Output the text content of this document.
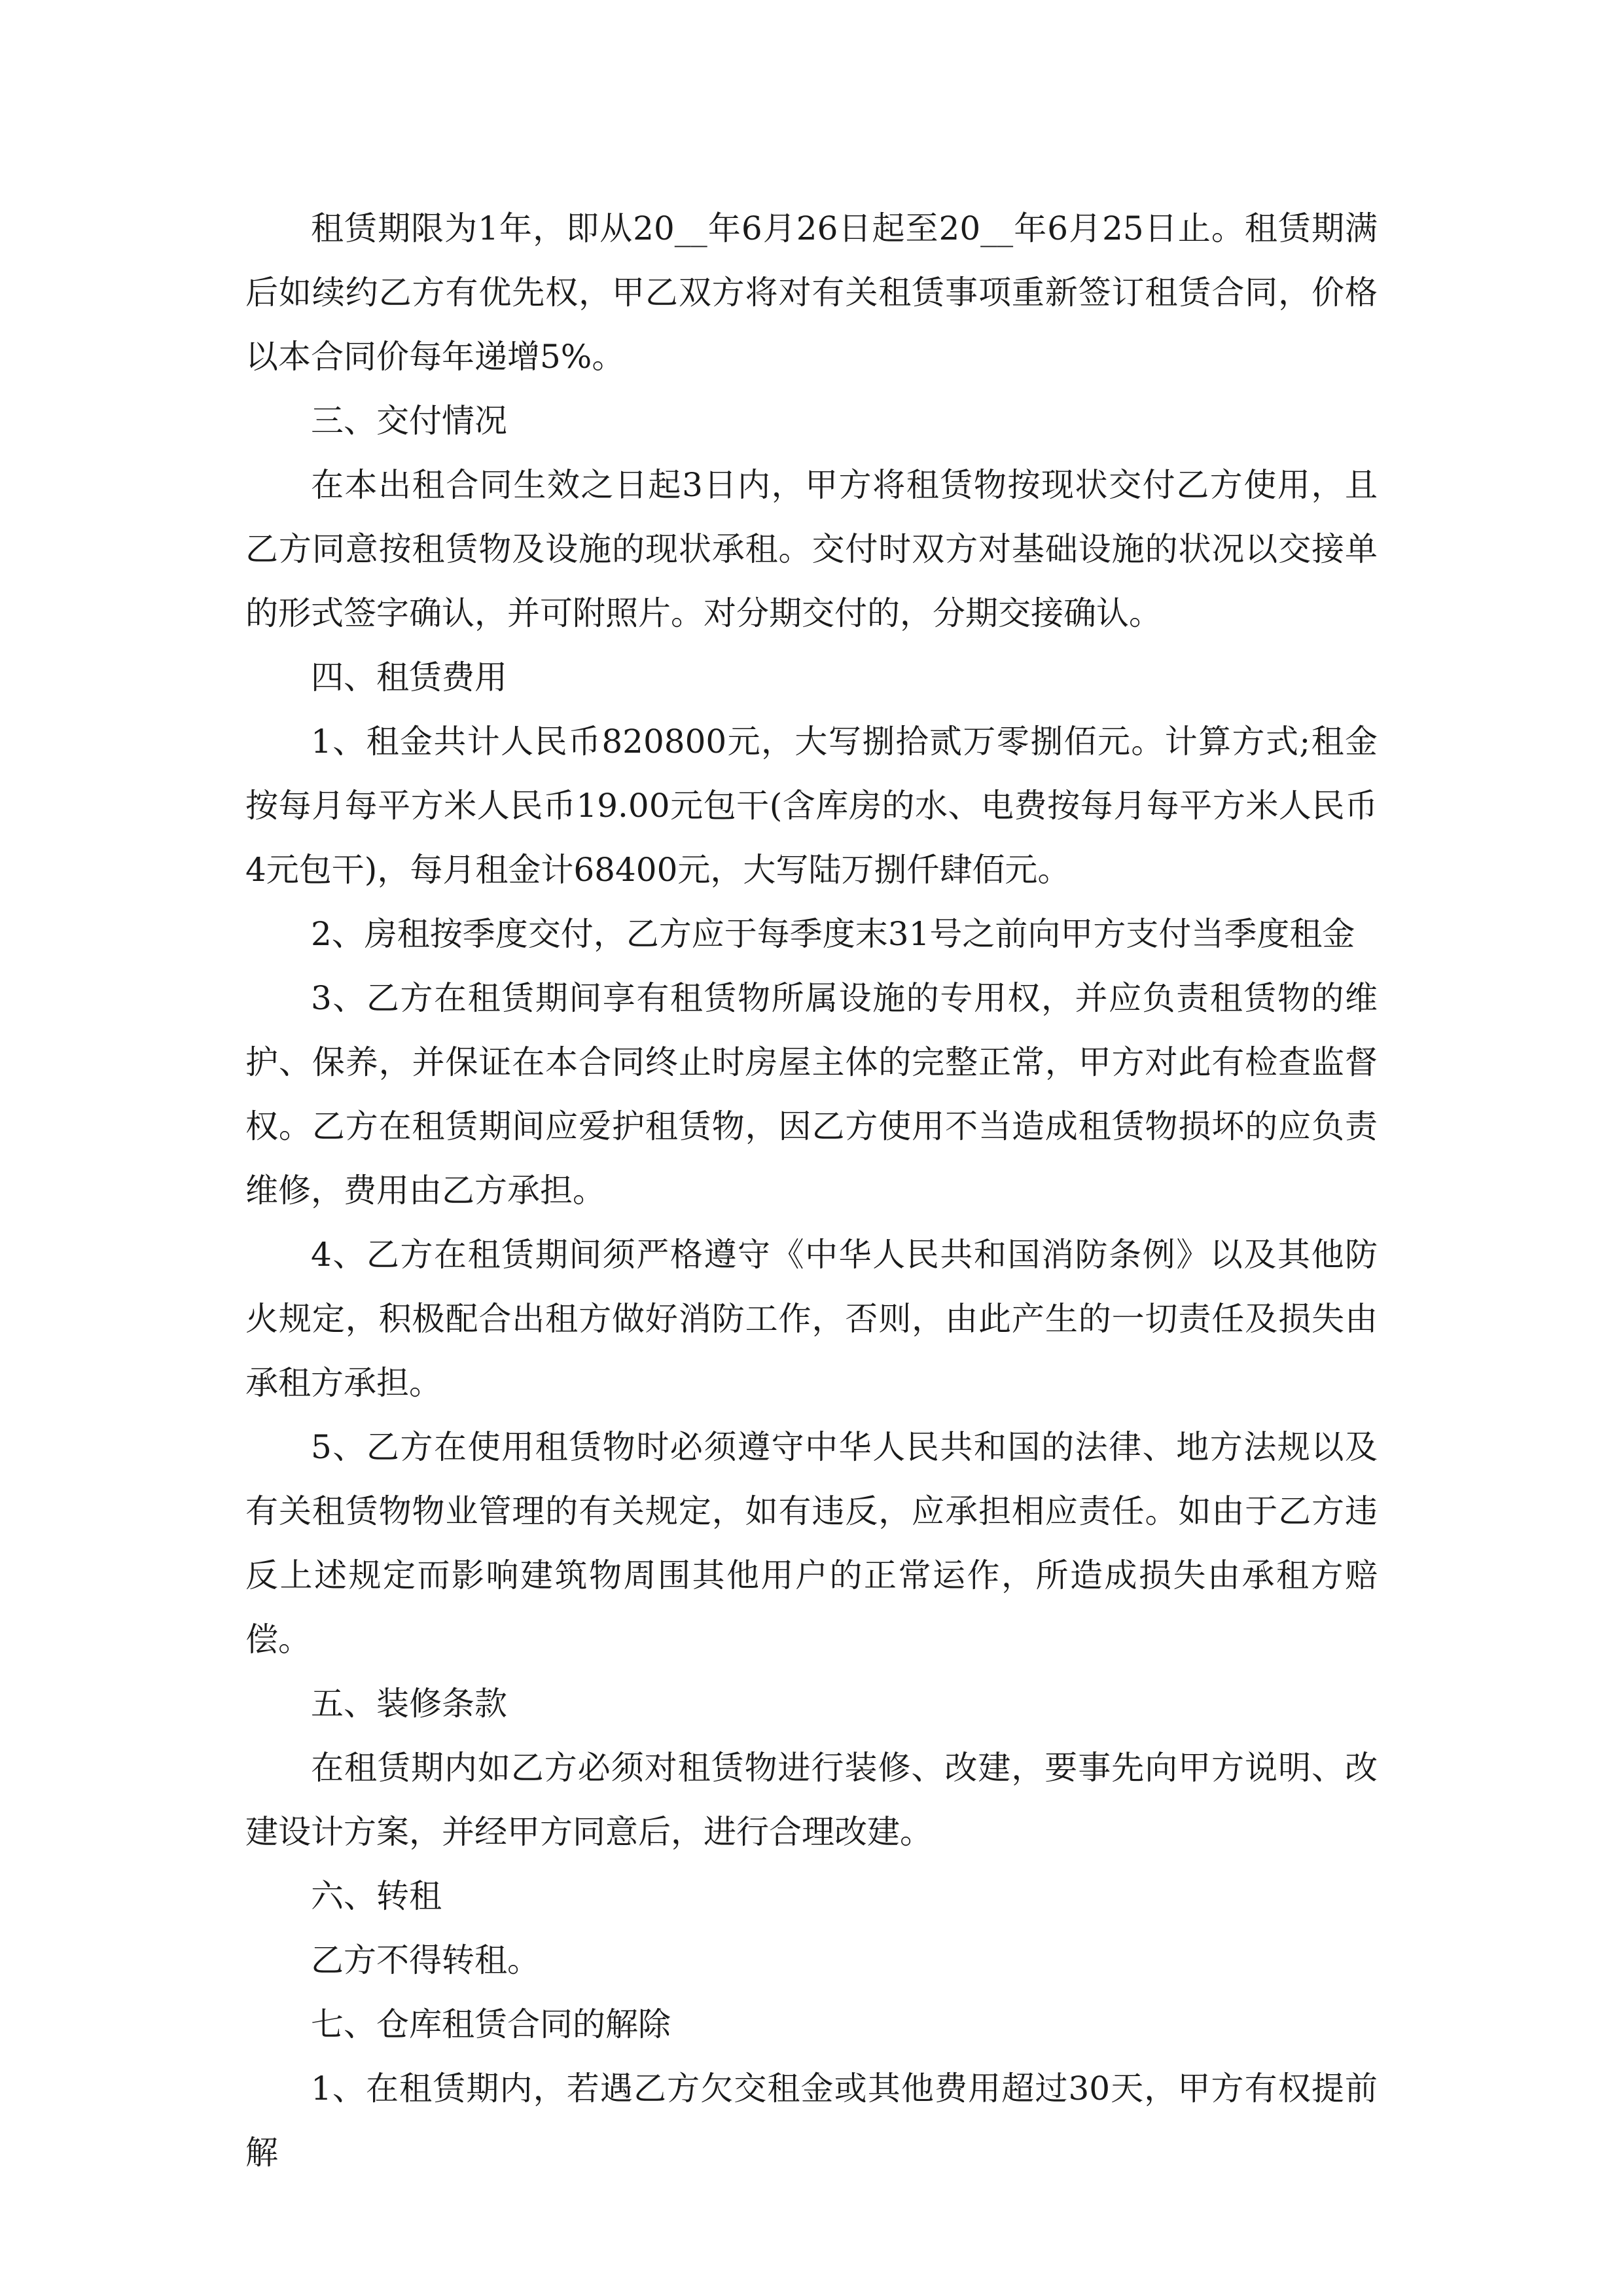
租赁期限为1年，即从20__年6月26日起至20__年6月25日止。租赁期满后如续约乙方有优先权，甲乙双方将对有关租赁事项重新签订租赁合同，价格以本合同价每年递增5%。

三、交付情况

在本出租合同生效之日起3日内，甲方将租赁物按现状交付乙方使用，且乙方同意按租赁物及设施的现状承租。交付时双方对基础设施的状况以交接单的形式签字确认，并可附照片。对分期交付的，分期交接确认。

四、租赁费用

1、租金共计人民币820800元，大写捌拾贰万零捌佰元。计算方式;租金按每月每平方米人民币19.00元包干(含库房的水、电费按每月每平方米人民币4元包干)，每月租金计68400元，大写陆万捌仟肆佰元。

2、房租按季度交付，乙方应于每季度末31号之前向甲方支付当季度租金

3、乙方在租赁期间享有租赁物所属设施的专用权，并应负责租赁物的维护、保养，并保证在本合同终止时房屋主体的完整正常，甲方对此有检查监督权。乙方在租赁期间应爱护租赁物，因乙方使用不当造成租赁物损坏的应负责维修，费用由乙方承担。

4、乙方在租赁期间须严格遵守《中华人民共和国消防条例》以及其他防火规定，积极配合出租方做好消防工作，否则，由此产生的一切责任及损失由承租方承担。

5、乙方在使用租赁物时必须遵守中华人民共和国的法律、地方法规以及有关租赁物物业管理的有关规定，如有违反，应承担相应责任。如由于乙方违反上述规定而影响建筑物周围其他用户的正常运作，所造成损失由承租方赔偿。

五、装修条款

在租赁期内如乙方必须对租赁物进行装修、改建，要事先向甲方说明、改建设计方案，并经甲方同意后，进行合理改建。

六、转租

乙方不得转租。

七、仓库租赁合同的解除

1、在租赁期内，若遇乙方欠交租金或其他费用超过30天，甲方有权提前解
